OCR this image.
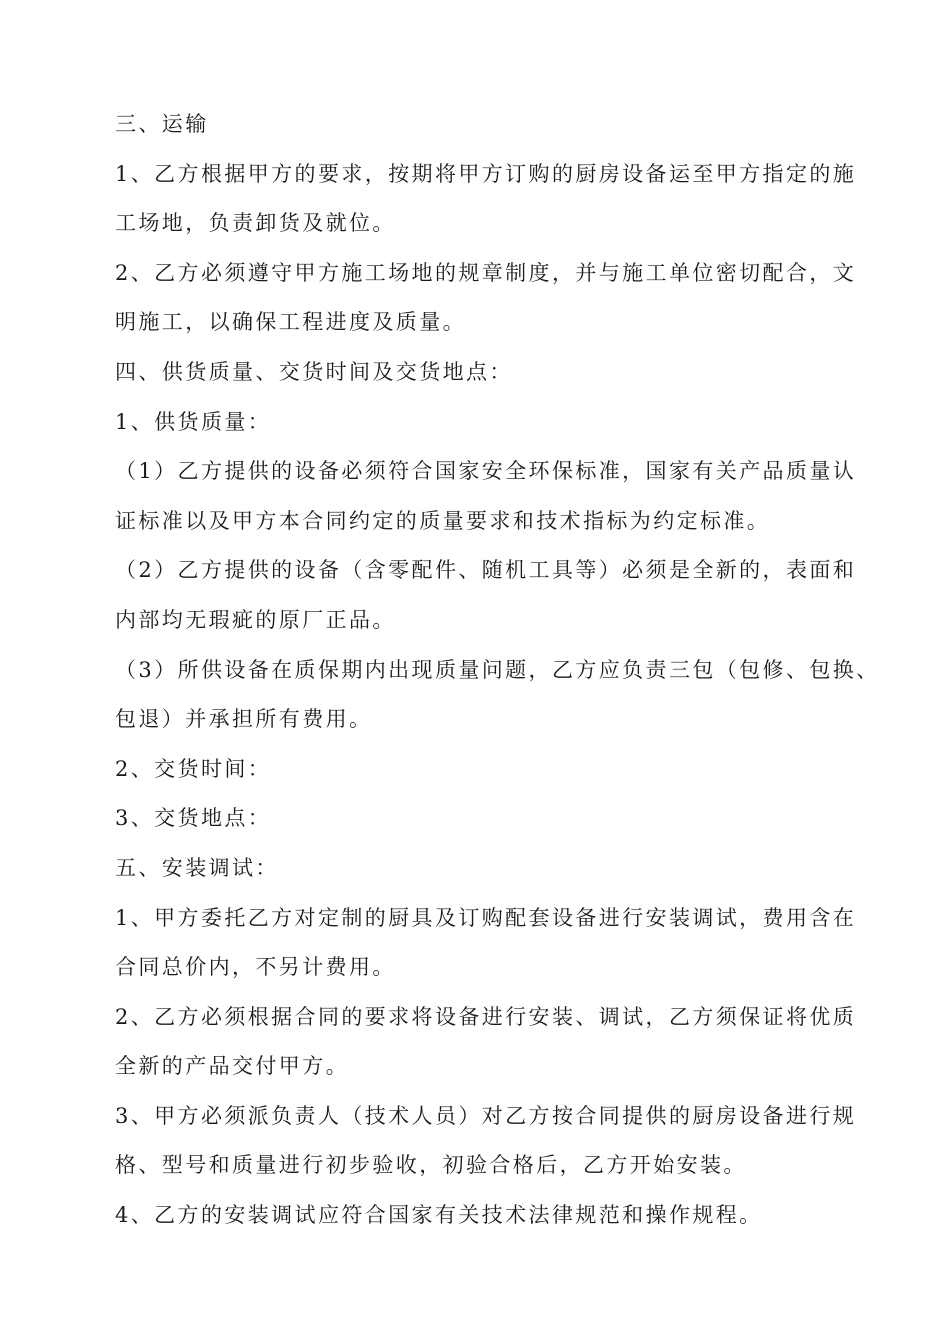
三、运输
1、乙方根据甲方的要求，按期将甲方订购的厨房设备运至甲方指定的施
工场地，负责卸货及就位。
2、乙方必须遵守甲方施工场地的规章制度，并与施工单位密切配合，文
明施工，以确保工程进度及质量。
四、供货质量、交货时间及交货地点：
1、供货质量：
（1）乙方提供的设备必须符合国家安全环保标准，国家有关产品质量认
证标准以及甲方本合同约定的质量要求和技术指标为约定标准。
（2）乙方提供的设备（含零配件、随机工具等）必须是全新的，表面和
内部均无瑕疵的原厂正品。
（3）所供设备在质保期内出现质量问题，乙方应负责三包（包修、包换、
包退）并承担所有费用。
2、交货时间：
3、交货地点：
五、安装调试：
1、甲方委托乙方对定制的厨具及订购配套设备进行安装调试，费用含在
合同总价内，不另计费用。
2、乙方必须根据合同的要求将设备进行安装、调试，乙方须保证将优质
全新的产品交付甲方。
3、甲方必须派负责人（技术人员）对乙方按合同提供的厨房设备进行规
格、型号和质量进行初步验收，初验合格后，乙方开始安装。
4、乙方的安装调试应符合国家有关技术法律规范和操作规程。
